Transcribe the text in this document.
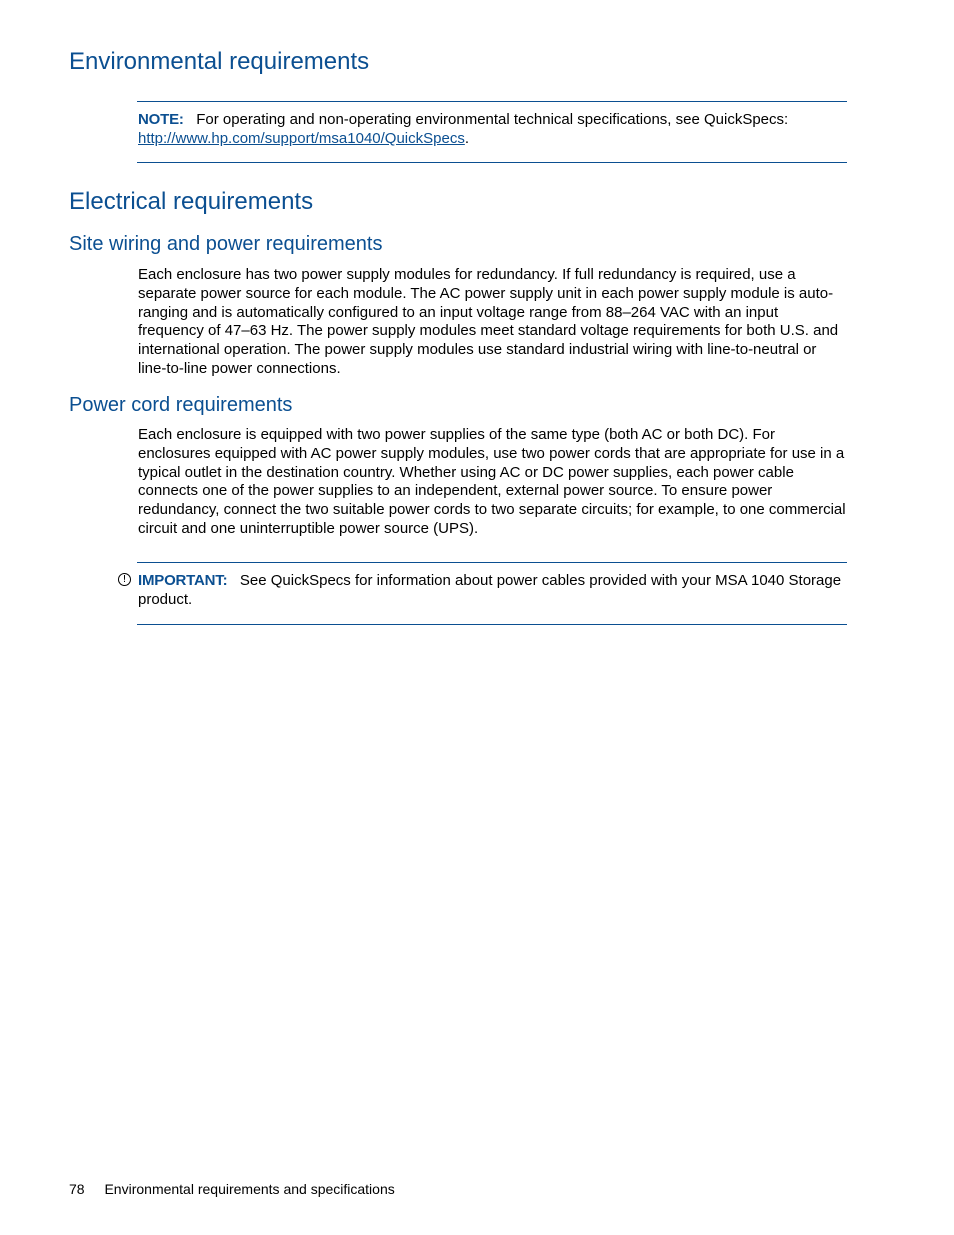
Environmental requirements
NOTE: For operating and non-operating environmental technical specifications, see QuickSpecs:
http://www.hp.com/support/msa1040/QuickSpecs.
Electrical requirements
Site wiring and power requirements

Each enclosure has two power supply modules for redundancy. If full redundancy is required, use a separate power source for each module. The AC power supply unit in each power supply module is auto-ranging and is automatically configured to an input voltage range from 88–264 VAC with an input frequency of 47–63 Hz. The power supply modules meet standard voltage requirements for both U.S. and international operation. The power supply modules use standard industrial wiring with line-to-neutral or line-to-line power connections.

Power cord requirements

Each enclosure is equipped with two power supplies of the same type (both AC or both DC). For enclosures equipped with AC power supply modules, use two power cords that are appropriate for use in a typical outlet in the destination country. Whether using AC or DC power supplies, each power cable connects one of the power supplies to an independent, external power source. To ensure power redundancy, connect the two suitable power cords to two separate circuits; for example, to one commercial circuit and one uninterruptible power source (UPS).

! IMPORTANT: See QuickSpecs for information about power cables provided with your MSA 1040 Storage product.
78 Environmental requirements and specifications
